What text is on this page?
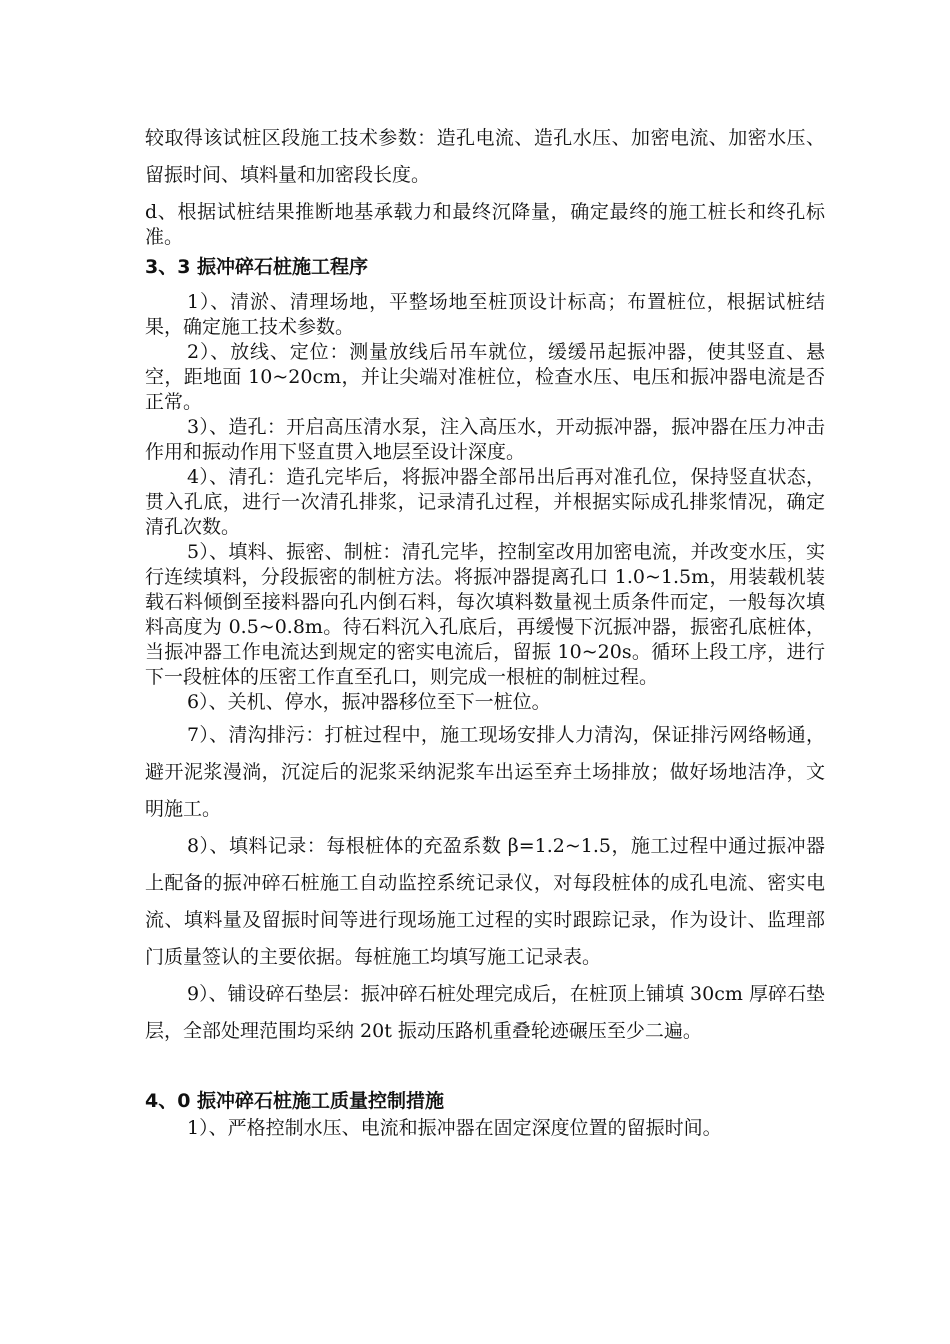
较取得该试桩区段施工技术参数：造孔电流、造孔水压、加密电流、加密水压、留振时间、填料量和加密段长度。

d、根据试桩结果推断地基承载力和最终沉降量，确定最终的施工桩长和终孔标准。

3、3 振冲碎石桩施工程序

1）、清淤、清理场地，平整场地至桩顶设计标高；布置桩位，根据试桩结果，确定施工技术参数。

2）、放线、定位：测量放线后吊车就位，缓缓吊起振冲器，使其竖直、悬空，距地面 10~20cm，并让尖端对准桩位，检查水压、电压和振冲器电流是否正常。

3）、造孔：开启高压清水泵，注入高压水，开动振冲器，振冲器在压力冲击作用和振动作用下竖直贯入地层至设计深度。

4）、清孔：造孔完毕后，将振冲器全部吊出后再对准孔位，保持竖直状态，贯入孔底，进行一次清孔排浆，记录清孔过程，并根据实际成孔排浆情况，确定清孔次数。

5）、填料、振密、制桩：清孔完毕，控制室改用加密电流，并改变水压，实行连续填料，分段振密的制桩方法。将振冲器提离孔口 1.0~1.5m，用装载机装载石料倾倒至接料器向孔内倒石料，每次填料数量视土质条件而定，一般每次填料高度为 0.5~0.8m。待石料沉入孔底后，再缓慢下沉振冲器，振密孔底桩体，当振冲器工作电流达到规定的密实电流后，留振 10~20s。循环上段工序，进行下一段桩体的压密工作直至孔口，则完成一根桩的制桩过程。

6）、关机、停水，振冲器移位至下一桩位。

7）、清沟排污：打桩过程中，施工现场安排人力清沟，保证排污网络畅通，避开泥浆漫淌，沉淀后的泥浆采纳泥浆车出运至弃土场排放；做好场地洁净，文明施工。

8）、填料记录：每根桩体的充盈系数 β=1.2~1.5，施工过程中通过振冲器上配备的振冲碎石桩施工自动监控系统记录仪，对每段桩体的成孔电流、密实电流、填料量及留振时间等进行现场施工过程的实时跟踪记录，作为设计、监理部门质量签认的主要依据。每桩施工均填写施工记录表。

9）、铺设碎石垫层：振冲碎石桩处理完成后，在桩顶上铺填 30cm 厚碎石垫层，全部处理范围均采纳 20t 振动压路机重叠轮迹碾压至少二遍。

4、0 振冲碎石桩施工质量控制措施

1）、严格控制水压、电流和振冲器在固定深度位置的留振时间。
